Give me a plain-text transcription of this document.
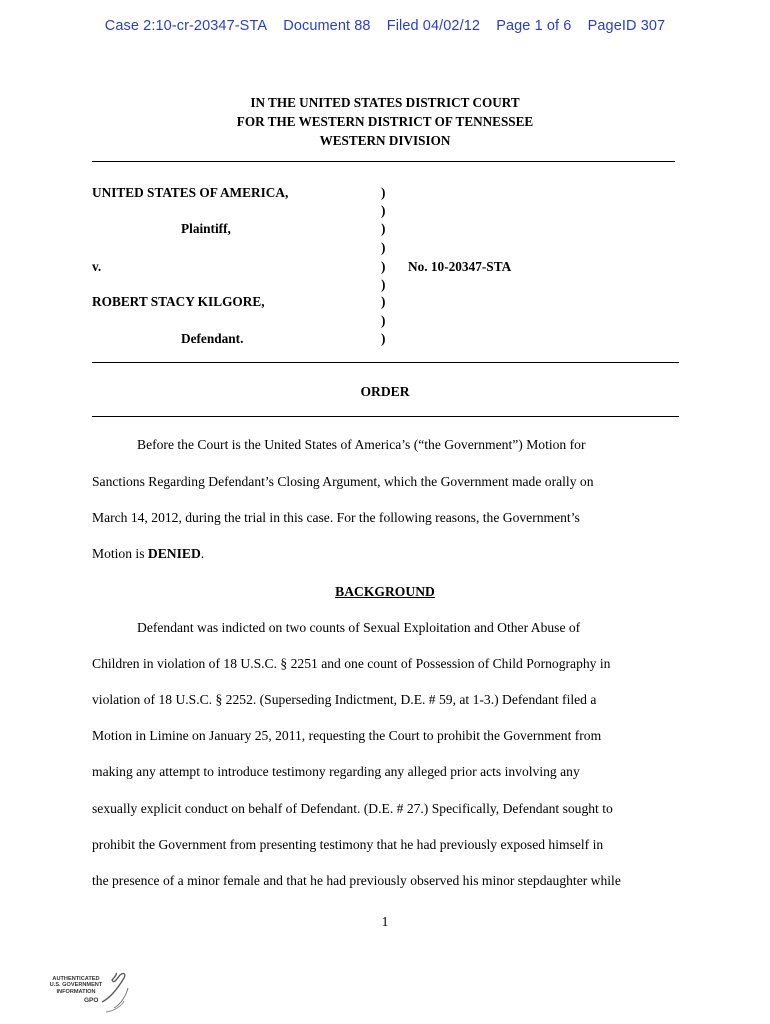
Case 2:10-cr-20347-STA Document 88 Filed 04/02/12 Page 1 of 6 PageID 307
IN THE UNITED STATES DISTRICT COURT
FOR THE WESTERN DISTRICT OF TENNESSEE
WESTERN DIVISION
UNITED STATES OF AMERICA,
Plaintiff,
v.
ROBERT STACY KILGORE,
Defendant.
)
)
)
)
)
)
)
)
)
No. 10-20347-STA
ORDER
Before the Court is the United States of America’s (“the Government”) Motion for
Sanctions Regarding Defendant’s Closing Argument, which the Government made orally on
March 14, 2012, during the trial in this case. For the following reasons, the Government’s
Motion is DENIED.
BACKGROUND
Defendant was indicted on two counts of Sexual Exploitation and Other Abuse of
Children in violation of 18 U.S.C. § 2251 and one count of Possession of Child Pornography in
violation of 18 U.S.C. § 2252. (Superseding Indictment, D.E. # 59, at 1-3.) Defendant filed a
Motion in Limine on January 25, 2011, requesting the Court to prohibit the Government from
making any attempt to introduce testimony regarding any alleged prior acts involving any
sexually explicit conduct on behalf of Defendant. (D.E. # 27.) Specifically, Defendant sought to
prohibit the Government from presenting testimony that he had previously exposed himself in
the presence of a minor female and that he had previously observed his minor stepdaughter while
1
AUTHENTICATED
U.S. GOVERNMENT
INFORMATION
GPO
